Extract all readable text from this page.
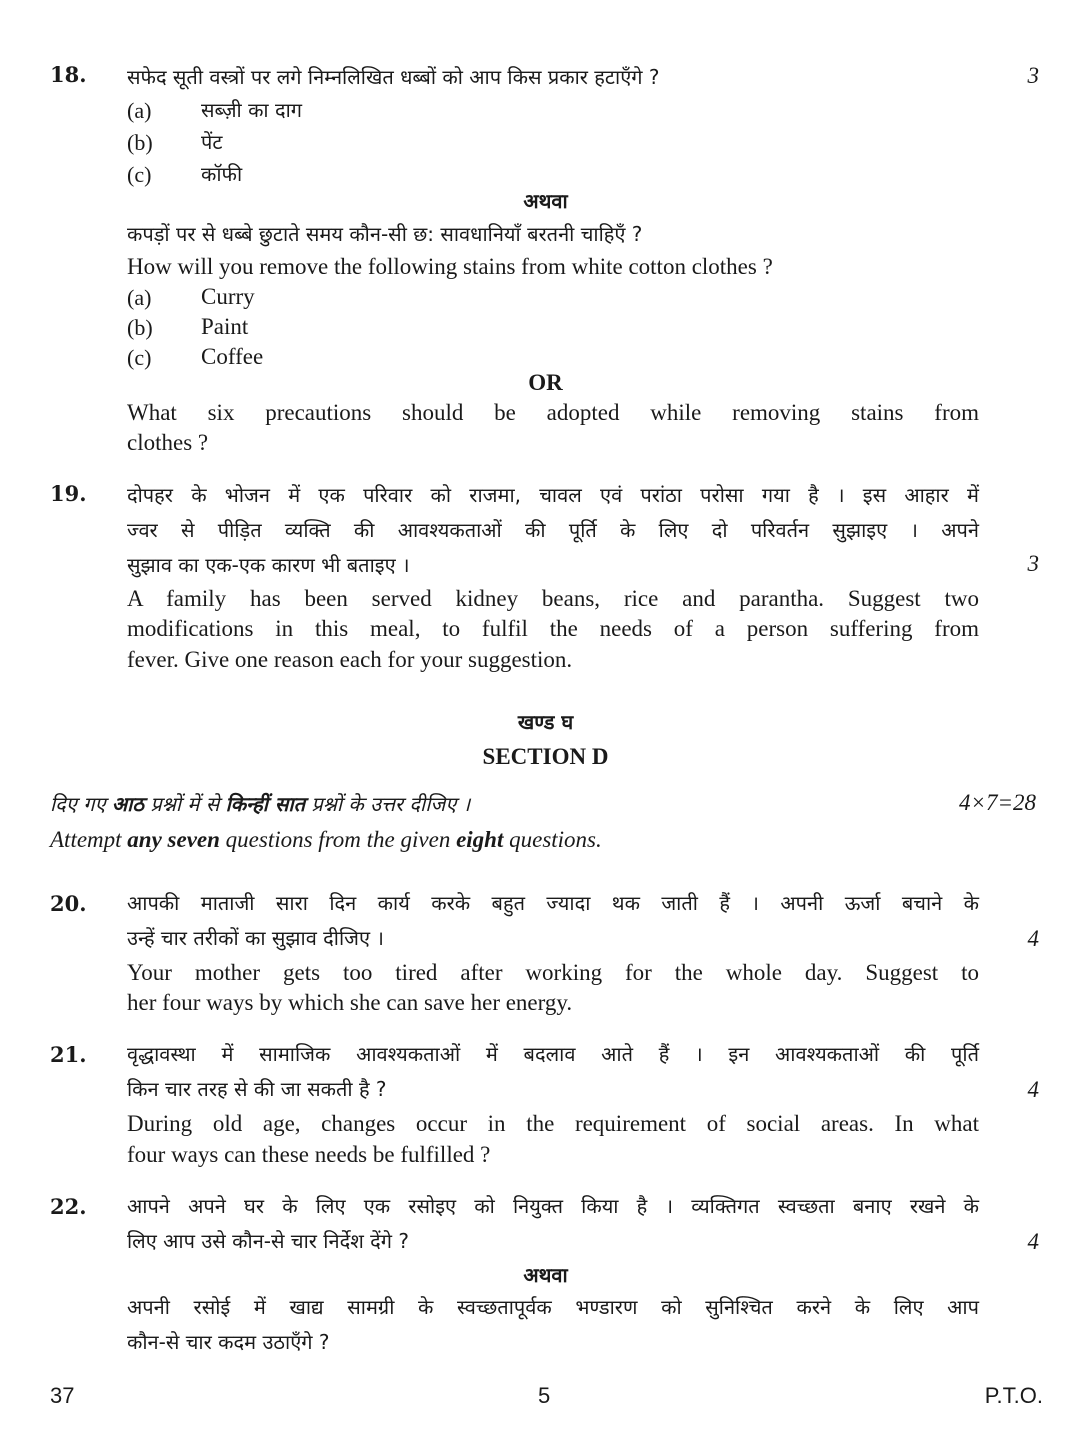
18. सफेद सूती वस्त्रों पर लगे निम्नलिखित धब्बों को आप किस प्रकार हटाएँगे ?	3
(a) सब्ज़ी का दाग
(b) पेंट
(c) कॉफी
अथवा
कपड़ों पर से धब्बे छुटाते समय कौन-सी छ: सावधानियाँ बरतनी चाहिएँ ?
How will you remove the following stains from white cotton clothes ?
(a) Curry
(b) Paint
(c) Coffee
OR
What six precautions should be adopted while removing stains from
clothes ?
19. दोपहर के भोजन में एक परिवार को राजमा, चावल एवं परांठा परोसा गया है । इस आहार में
ज्वर से पीड़ित व्यक्ति की आवश्यकताओं की पूर्ति के लिए दो परिवर्तन सुझाइए । अपने
सुझाव का एक-एक कारण भी बताइए ।	3
A family has been served kidney beans, rice and parantha. Suggest two
modifications in this meal, to fulfil the needs of a person suffering from
fever. Give one reason each for your suggestion.
खण्ड घ
SECTION D
दिए गए आठ प्रश्नों में से किन्हीं सात प्रश्नों के उत्तर दीजिए ।	4×7=28
Attempt any seven questions from the given eight questions.
20. आपकी माताजी सारा दिन कार्य करके बहुत ज्यादा थक जाती हैं । अपनी ऊर्जा बचाने के
उन्हें चार तरीकों का सुझाव दीजिए ।	4
Your mother gets too tired after working for the whole day. Suggest to
her four ways by which she can save her energy.
21. वृद्धावस्था में सामाजिक आवश्यकताओं में बदलाव आते हैं । इन आवश्यकताओं की पूर्ति
किन चार तरह से की जा सकती है ?	4
During old age, changes occur in the requirement of social areas. In what
four ways can these needs be fulfilled ?
22. आपने अपने घर के लिए एक रसोइए को नियुक्त किया है । व्यक्तिगत स्वच्छता बनाए रखने के
लिए आप उसे कौन-से चार निर्देश देंगे ?	4
अथवा
अपनी रसोई में खाद्य सामग्री के स्वच्छतापूर्वक भण्डारण को सुनिश्चित करने के लिए आप
कौन-से चार कदम उठाएँगे ?
37	5	P.T.O.
